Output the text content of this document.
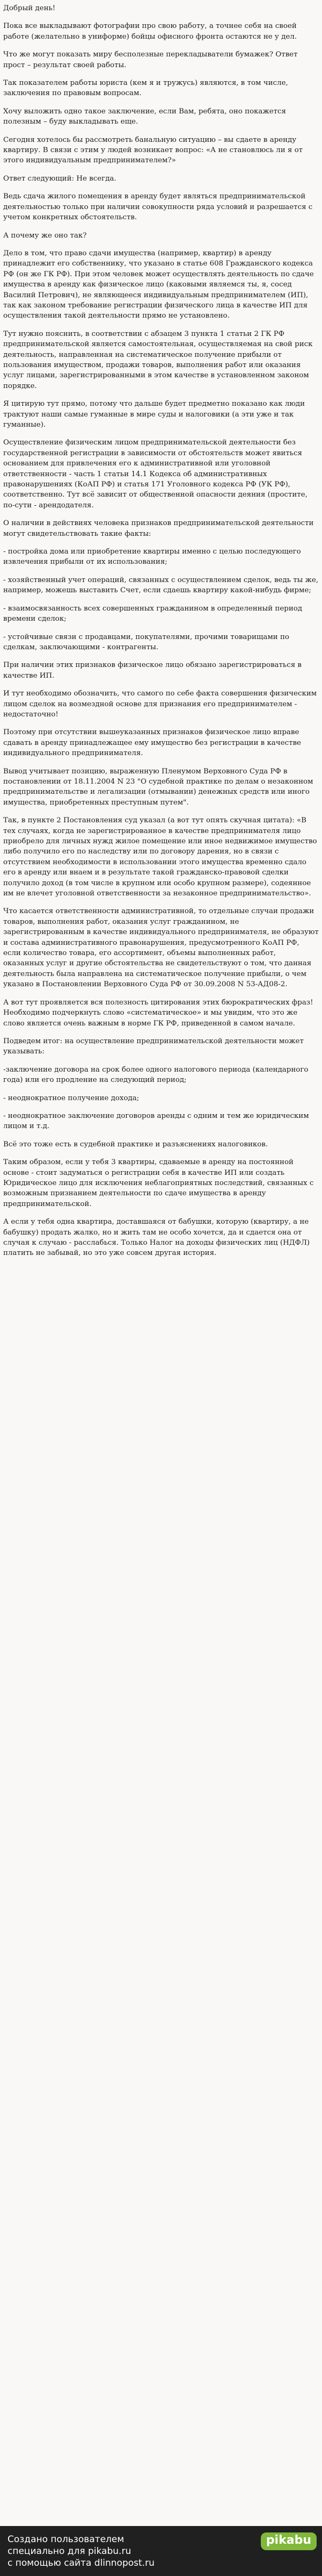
Добрый день!

Пока все выкладывают фотографии про свою работу, а точнее себя на своей работе (желательно в униформе) бойцы офисного фронта остаются не у дел.

Что же могут показать миру бесполезные перекладыватели бумажек? Ответ прост – результат своей работы.

Так показателем работы юриста (кем я и тружусь) являются, в том числе, заключения по правовым вопросам.

Хочу выложить одно такое заключение, если Вам, ребята, оно покажется полезным – буду выкладывать еще.

Сегодня хотелось бы рассмотреть банальную ситуацию – вы сдаете в аренду квартиру. В связи с этим у людей возникает вопрос: «А не становлюсь ли я от этого индивидуальным предпринимателем?»

Ответ следующий: Не всегда.

Ведь сдача жилого помещения в аренду будет являться предпринимательской деятельностью только при наличии совокупности ряда условий и разрешается с учетом конкретных обстоятельств.

А почему же оно так?

Дело в том, что право сдачи имущества (например, квартир) в аренду принадлежит его собственнику, что указано в статье 608 Гражданского кодекса РФ (он же ГК РФ). При этом человек может осуществлять деятельность по сдаче имущества в аренду как физическое лицо (каковыми являемся ты, я, сосед Василий Петрович), не являющееся индивидуальным предпринимателем (ИП), так как законом требование регистрации физического лица в качестве ИП для осуществления такой деятельности прямо не установлено.

Тут нужно пояснить, в соответствии с абзацем 3 пункта 1 статьи 2 ГК РФ предпринимательской является самостоятельная, осуществляемая на свой риск деятельность, направленная на систематическое получение прибыли от пользования имуществом, продажи товаров, выполнения работ или оказания услуг лицами, зарегистрированными в этом качестве в установленном законом порядке.

Я цитирую тут прямо, потому что дальше будет предметно показано как люди трактуют наши самые гуманные в мире суды и налоговики (а эти уже и так гуманные).

Осуществление физическим лицом предпринимательской деятельности без государственной регистрации в зависимости от обстоятельств может явиться основанием для привлечения его к административной или уголовной ответственности - часть 1 статьи 14.1 Кодекса об административных правонарушениях (КоАП РФ) и статья 171 Уголовного кодекса РФ (УК РФ), соответственно. Тут всё зависит от общественной опасности деяния (простите, по-сути - арендодателя.

О наличии в действиях человека признаков предпринимательской деятельности могут свидетельствовать такие факты:

- постройка дома или приобретение квартиры именно с целью последующего извлечения прибыли от их использования;

- хозяйственный учет операций, связанных с осуществлением сделок, ведь ты же, например, можешь выставить Счет, если сдаешь квартиру какой-нибудь фирме;

- взаимосвязанность всех совершенных гражданином в определенный период времени сделок;

- устойчивые связи с продавцами, покупателями, прочими товарищами по сделкам, заключающими - контрагенты.

При наличии этих признаков физическое лицо обязано зарегистрироваться в качестве ИП.

И тут необходимо обозначить, что самого по себе факта совершения физическим лицом сделок на возмездной основе для признания его предпринимателем - недостаточно!

Поэтому при отсутствии вышеуказанных признаков физическое лицо вправе сдавать в аренду принадлежащее ему имущество без регистрации в качестве индивидуального предпринимателя.

Вывод учитывает позицию, выраженную Пленумом Верховного Суда РФ в постановлении от 18.11.2004 N 23 "О судебной практике по делам о незаконном предпринимательстве и легализации (отмывании) денежных средств или иного имущества, приобретенных преступным путем".

Так, в пункте 2 Постановления суд указал (а вот тут опять скучная цитата): «В тех случаях, когда не зарегистрированное в качестве предпринимателя лицо приобрело для личных нужд жилое помещение или иное недвижимое имущество либо получило его по наследству или по договору дарения, но в связи с отсутствием необходимости в использовании этого имущества временно сдало его в аренду или внаем и в результате такой гражданско-правовой сделки получило доход (в том числе в крупном или особо крупном размере), содеянное им не влечет уголовной ответственности за незаконное предпринимательство».

Что касается ответственности административной, то отдельные случаи продажи товаров, выполнения работ, оказания услуг гражданином, не зарегистрированным в качестве индивидуального предпринимателя, не образуют и состава административного правонарушения, предусмотренного КоАП РФ, если количество товара, его ассортимент, объемы выполненных работ, оказанных услуг и другие обстоятельства не свидетельствуют о том, что данная деятельность была направлена на систематическое получение прибыли, о чем указано в Постановлении Верховного Суда РФ от 30.09.2008 N 53-АД08-2.

А вот тут проявляется вся полезность цитирования этих бюрократических фраз! Необходимо подчеркнуть слово «систематическое» и мы увидим, что это же слово является очень важным в норме ГК РФ, приведенной в самом начале.

Подведем итог: на осуществление предпринимательской деятельности может указывать:

-заключение договора на срок более одного налогового периода (календарного года) или его продление на следующий период;

- неоднократное получение дохода;

- неоднократное заключение договоров аренды с одним и тем же юридическим лицом и т.д.

Всё это тоже есть в судебной практике и разъяснениях налоговиков.

Таким образом, если у тебя 3 квартиры, сдаваемые в аренду на постоянной основе - стоит задуматься о регистрации себя в качестве ИП или создать Юридическое лицо для исключения неблагоприятных последствий, связанных с возможным признанием деятельности по сдаче имущества в аренду предпринимательской.

А если у тебя одна квартира, доставшаяся от бабушки, которую (квартиру, а не бабушку) продать жалко, но и жить там не особо хочется, да и сдается она от случая к случаю - расслабься. Только Налог на доходы физических лиц (НДФЛ) платить не забывай, но это уже совсем другая история.

Создано пользователем
специально для pikabu.ru
с помощью сайта dlinnopost.ru
pikabu
